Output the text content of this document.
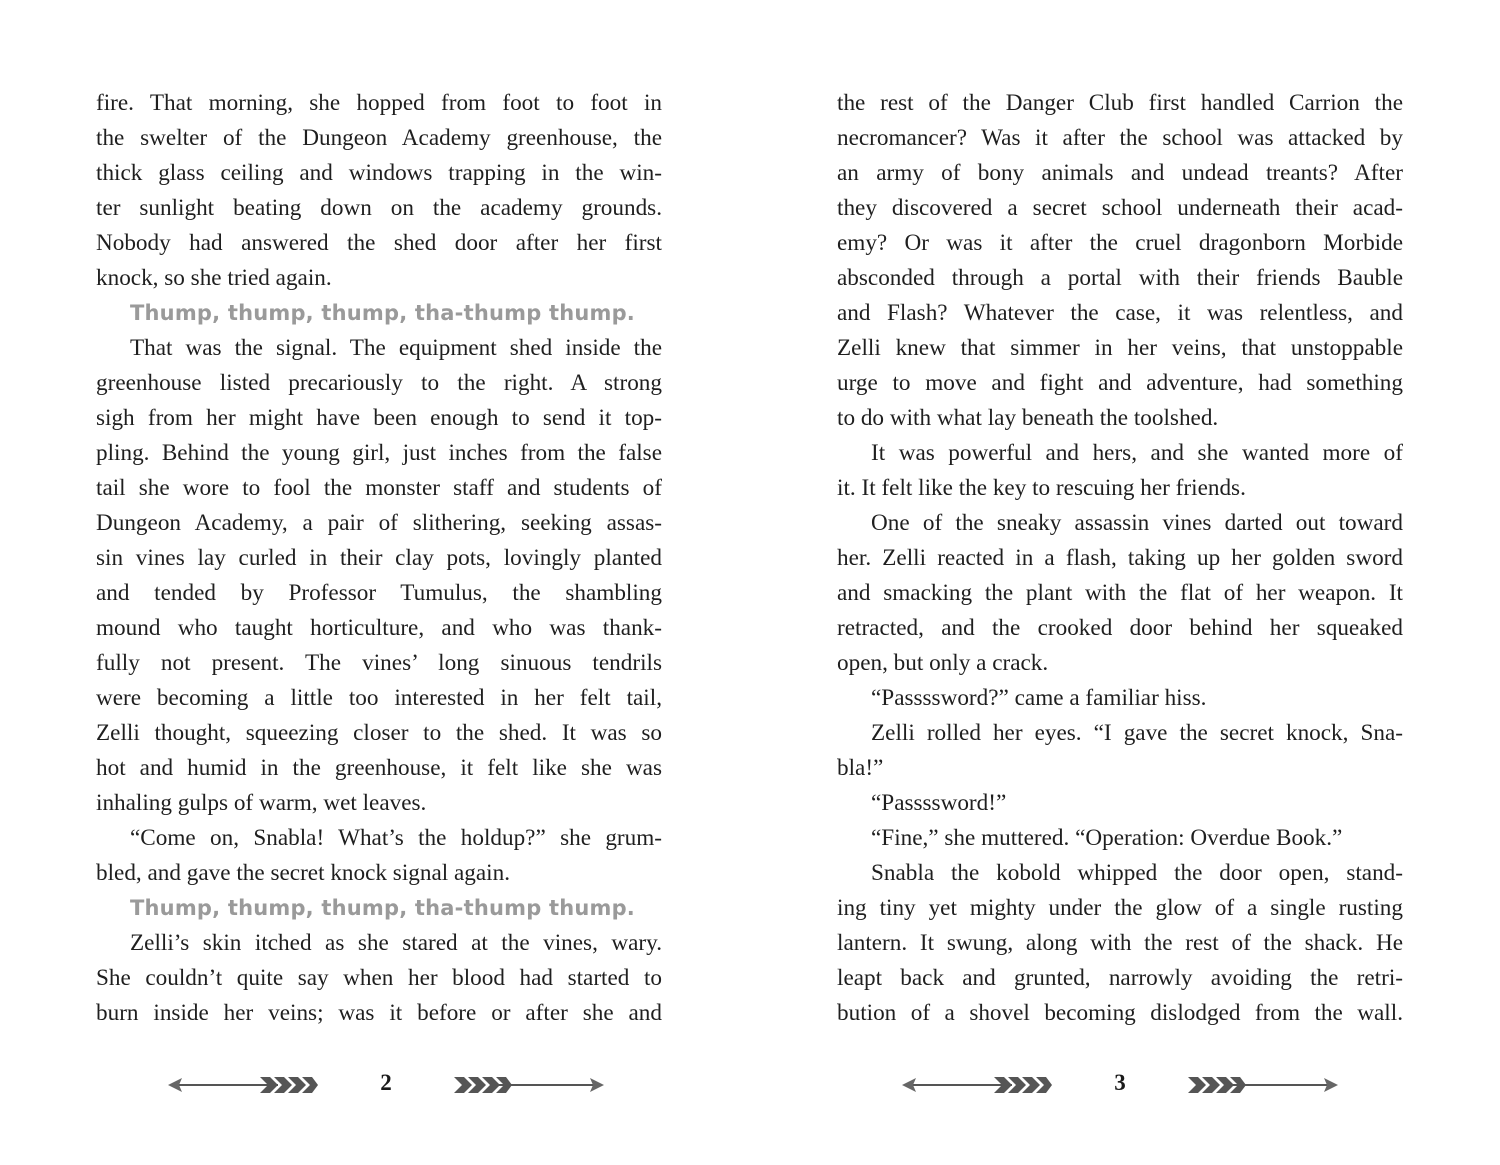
fire. That morning, she hopped from foot to foot in
the swelter of the Dungeon Academy greenhouse, the
thick glass ceiling and windows trapping in the win-
ter sunlight beating down on the academy grounds.
Nobody had answered the shed door after her first
knock, so she tried again.
Thump, thump, thump, tha-thump thump.
That was the signal. The equipment shed inside the
greenhouse listed precariously to the right. A strong
sigh from her might have been enough to send it top-
pling. Behind the young girl, just inches from the false
tail she wore to fool the monster staff and students of
Dungeon Academy, a pair of slithering, seeking assas-
sin vines lay curled in their clay pots, lovingly planted
and tended by Professor Tumulus, the shambling
mound who taught horticulture, and who was thank-
fully not present. The vines’ long sinuous tendrils
were becoming a little too interested in her felt tail,
Zelli thought, squeezing closer to the shed. It was so
hot and humid in the greenhouse, it felt like she was
inhaling gulps of warm, wet leaves.
“Come on, Snabla! What’s the holdup?” she grum-
bled, and gave the secret knock signal again.
Thump, thump, thump, tha-thump thump.
Zelli’s skin itched as she stared at the vines, wary.
She couldn’t quite say when her blood had started to
burn inside her veins; was it before or after she and
the rest of the Danger Club first handled Carrion the
necromancer? Was it after the school was attacked by
an army of bony animals and undead treants? After
they discovered a secret school underneath their acad-
emy? Or was it after the cruel dragonborn Morbide
absconded through a portal with their friends Bauble
and Flash? Whatever the case, it was relentless, and
Zelli knew that simmer in her veins, that unstoppable
urge to move and fight and adventure, had something
to do with what lay beneath the toolshed.
It was powerful and hers, and she wanted more of
it. It felt like the key to rescuing her friends.
One of the sneaky assassin vines darted out toward
her. Zelli reacted in a flash, taking up her golden sword
and smacking the plant with the flat of her weapon. It
retracted, and the crooked door behind her squeaked
open, but only a crack.
“Passssword?” came a familiar hiss.
Zelli rolled her eyes. “I gave the secret knock, Sna-
bla!”
“Passssword!”
“Fine,” she muttered. “Operation: Overdue Book.”
Snabla the kobold whipped the door open, stand-
ing tiny yet mighty under the glow of a single rusting
lantern. It swung, along with the rest of the shack. He
leapt back and grunted, narrowly avoiding the retri-
bution of a shovel becoming dislodged from the wall.
2	3
